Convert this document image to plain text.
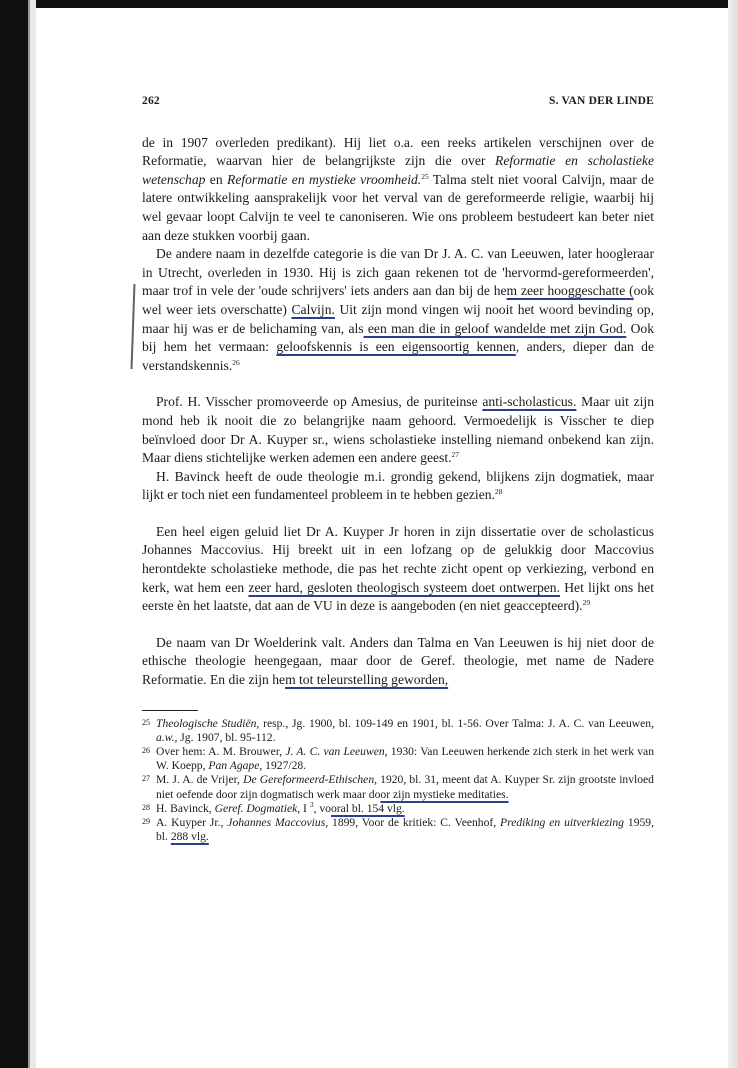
262	S. VAN DER LINDE

de in 1907 overleden predikant). Hij liet o.a. een reeks artikelen verschijnen over de Reformatie, waarvan hier de belangrijkste zijn die over Reformatie en scholastieke wetenschap en Reformatie en mystieke vroomheid.$^{25}$ Talma stelt niet vooral Calvijn, maar de latere ontwikkeling aansprakelijk voor het verval van de gereformeerde religie, waarbij hij wel gevaar loopt Calvijn te veel te canoniseren. Wie ons probleem bestudeert kan beter niet aan deze stukken voorbij gaan.

De andere naam in dezelfde categorie is die van Dr J. A. C. van Leeuwen, later hoogleraar in Utrecht, overleden in 1930. Hij is zich gaan rekenen tot de 'hervormd-gereformeerden', maar trof in vele der 'oude schrijvers' iets anders aan dan bij de hem zeer hooggeschatte (ook wel weer iets overschatte) Calvijn. Uit zijn mond vingen wij nooit het woord bevinding op, maar hij was er de belichaming van, als een man die in geloof wandelde met zijn God. Ook bij hem het vermaan: geloofskennis is een eigensoortig kennen, anders, dieper dan de verstandskennis.$^{26}$

Prof. H. Visscher promoveerde op Amesius, de puriteinse anti-scholasticus. Maar uit zijn mond heb ik nooit die zo belangrijke naam gehoord. Vermoedelijk is Visscher te diep beïnvloed door Dr A. Kuyper sr., wiens scholastieke instelling niemand onbekend kan zijn. Maar diens stichtelijke werken ademen een andere geest.$^{27}$

H. Bavinck heeft de oude theologie m.i. grondig gekend, blijkens zijn dogmatiek, maar lijkt er toch niet een fundamenteel probleem in te hebben gezien.$^{28}$

Een heel eigen geluid liet Dr A. Kuyper Jr horen in zijn dissertatie over de scholasticus Johannes Maccovius. Hij breekt uit in een lofzang op de gelukkig door Maccovius herontdekte scholastieke methode, die pas het rechte zicht opent op verkiezing, verbond en kerk, wat hem een zeer hard, gesloten theologisch systeem doet ontwerpen. Het lijkt ons het eerste èn het laatste, dat aan de VU in deze is aangeboden (en niet geaccepteerd).$^{29}$

De naam van Dr Woelderink valt. Anders dan Talma en Van Leeuwen is hij niet door de ethische theologie heengegaan, maar door de Geref. theologie, met name de Nadere Reformatie. En die zijn hem tot teleurstelling geworden,

25 Theologische Studiën, resp., Jg. 1900, bl. 109-149 en 1901, bl. 1-56. Over Talma: J. A. C. van Leeuwen, a.w., Jg. 1907, bl. 95-112.
26 Over hem: A. M. Brouwer, J. A. C. van Leeuwen, 1930: Van Leeuwen herkende zich sterk in het werk van W. Koepp, Pan Agape, 1927/28.
27 M. J. A. de Vrijer, De Gereformeerd-Ethischen, 1920, bl. 31, meent dat A. Kuyper Sr. zijn grootste invloed niet oefende door zijn dogmatisch werk maar door zijn mystieke meditaties.
28 H. Bavinck, Geref. Dogmatiek, I $^3$, vooral bl. 154 vlg.
29 A. Kuyper Jr., Johannes Maccovius, 1899, Voor de kritiek: C. Veenhof, Prediking en uitverkiezing 1959, bl. 288 vlg.
